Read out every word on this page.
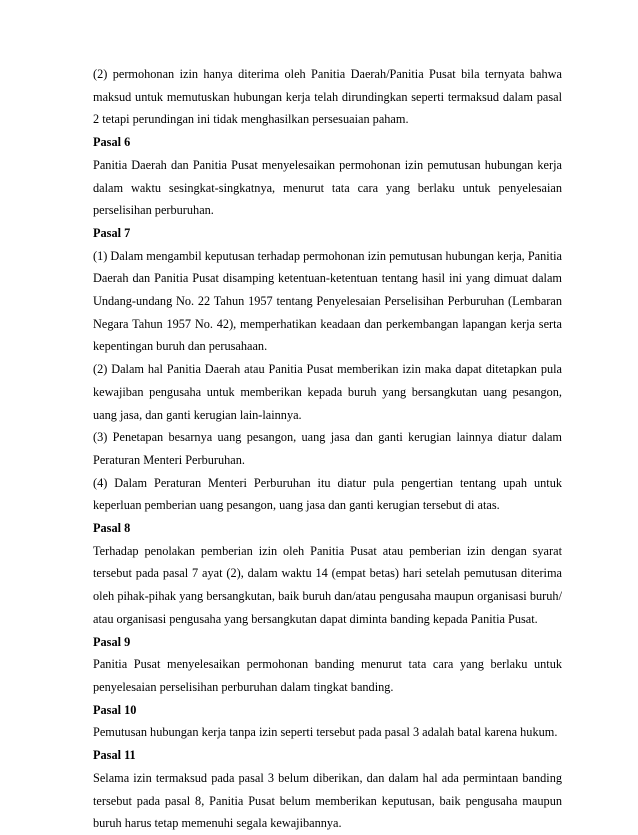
(2) permohonan izin hanya diterima oleh Panitia Daerah/Panitia Pusat bila ternyata bahwa maksud untuk memutuskan hubungan kerja telah dirundingkan seperti termaksud dalam pasal 2 tetapi perundingan ini tidak menghasilkan persesuaian paham.

Pasal 6

Panitia Daerah dan Panitia Pusat menyelesaikan permohonan izin pemutusan hubungan kerja dalam waktu sesingkat-singkatnya, menurut tata cara yang berlaku untuk penyelesaian perselisihan perburuhan.

Pasal 7

(1) Dalam mengambil keputusan terhadap permohonan izin pemutusan hubungan kerja, Panitia Daerah dan Panitia Pusat disamping ketentuan-ketentuan tentang hasil ini yang dimuat dalam Undang-undang No. 22 Tahun 1957 tentang Penyelesaian Perselisihan Perburuhan (Lembaran Negara Tahun 1957 No. 42), memperhatikan keadaan dan perkembangan lapangan kerja serta kepentingan buruh dan perusahaan.

(2) Dalam hal Panitia Daerah atau Panitia Pusat memberikan izin maka dapat ditetapkan pula kewajiban pengusaha untuk memberikan kepada buruh yang bersangkutan uang pesangon, uang jasa, dan ganti kerugian lain-lainnya.

(3) Penetapan besarnya uang pesangon, uang jasa dan ganti kerugian lainnya diatur dalam Peraturan Menteri Perburuhan.

(4) Dalam Peraturan Menteri Perburuhan itu diatur pula pengertian tentang upah untuk keperluan pemberian uang pesangon, uang jasa dan ganti kerugian tersebut di atas.

Pasal 8

Terhadap penolakan pemberian izin oleh Panitia Pusat atau pemberian izin dengan syarat tersebut pada pasal 7 ayat (2), dalam waktu 14 (empat betas) hari setelah pemutusan diterima oleh pihak-pihak yang bersangkutan, baik buruh dan/atau pengusaha maupun organisasi buruh/ atau organisasi pengusaha yang bersangkutan dapat diminta banding kepada Panitia Pusat.

Pasal 9

Panitia Pusat menyelesaikan permohonan banding menurut tata cara yang berlaku untuk penyelesaian perselisihan perburuhan dalam tingkat banding.

Pasal 10

Pemutusan hubungan kerja tanpa izin seperti tersebut pada pasal 3 adalah batal karena hukum.

Pasal 11

Selama izin termaksud pada pasal 3 belum diberikan, dan dalam hal ada permintaan banding tersebut pada pasal 8, Panitia Pusat belum memberikan keputusan, baik pengusaha maupun buruh harus tetap memenuhi segala kewajibannya.
